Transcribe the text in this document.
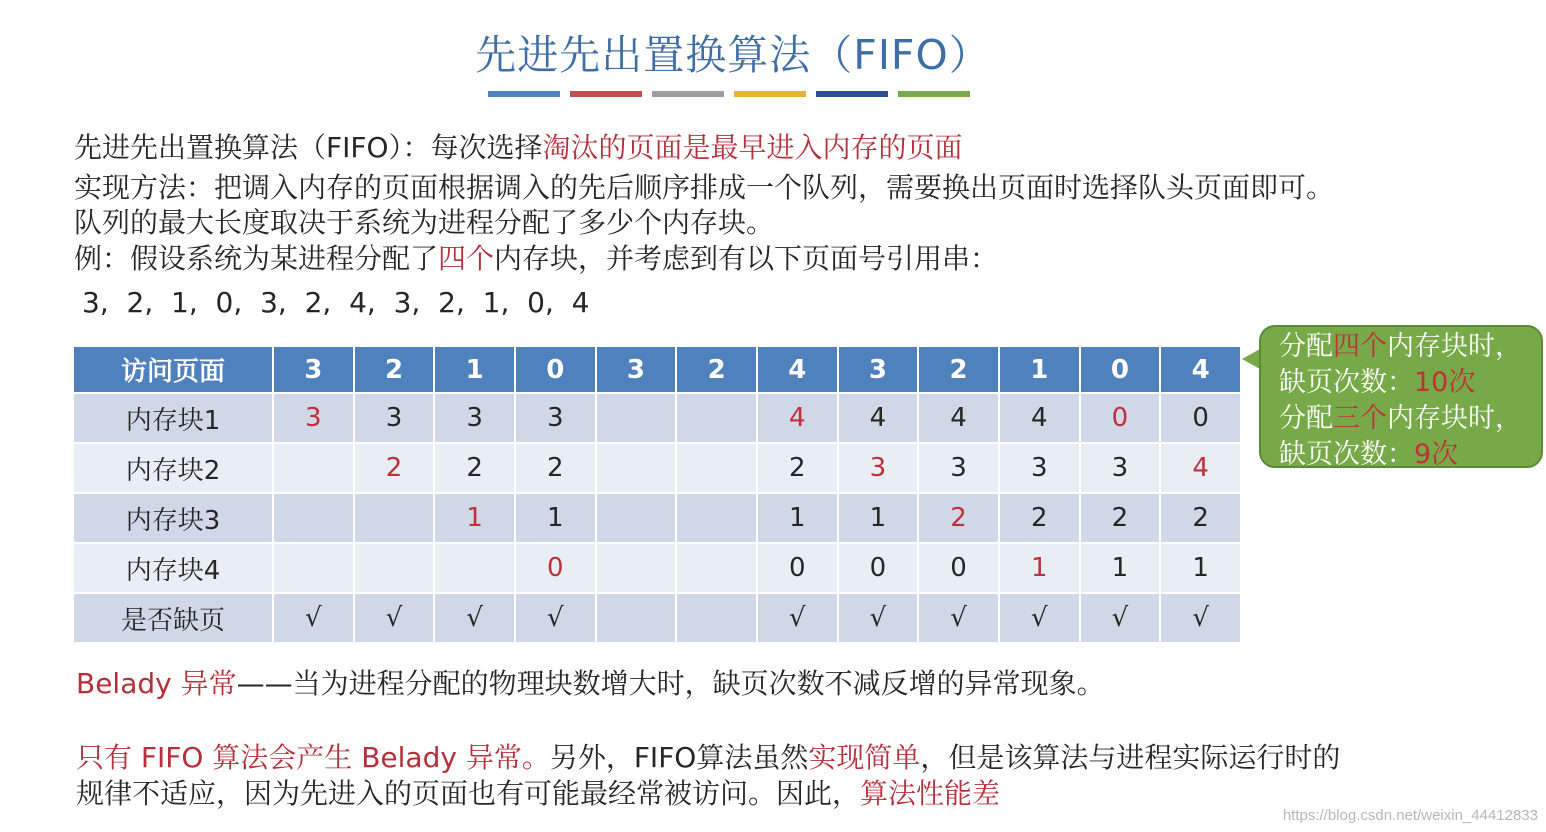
先进先出置换算法（FIFO）
先进先出置换算法（FIFO）：每次选择淘汰的页面是最早进入内存的页面
实现方法：把调入内存的页面根据调入的先后顺序排成一个队列，需要换出页面时选择队头页面即可。
队列的最大长度取决于系统为进程分配了多少个内存块。
例：假设系统为某进程分配了四个内存块，并考虑到有以下页面号引用串：
3,  2,  1,  0,  3,  2,  4,  3,  2,  1,  0,  4
访问页面	3	2	1	0	3	2	4	3	2	1	0	4
内存块1	3	3	3	3			4	4	4	4	0	0
内存块2		2	2	2			2	3	3	3	3	4
内存块3			1	1			1	1	2	2	2	2
内存块4				0			0	0	0	1	1	1
是否缺页	√	√	√	√			√	√	√	√	√	√
分配四个内存块时，
缺页次数：10次
分配三个内存块时，
缺页次数：9次
Belady 异常——当为进程分配的物理块数增大时，缺页次数不减反增的异常现象。
只有 FIFO 算法会产生 Belady 异常。另外，FIFO算法虽然实现简单，但是该算法与进程实际运行时的
规律不适应，因为先进入的页面也有可能最经常被访问。因此，算法性能差
https://blog.csdn.net/weixin_44412833
